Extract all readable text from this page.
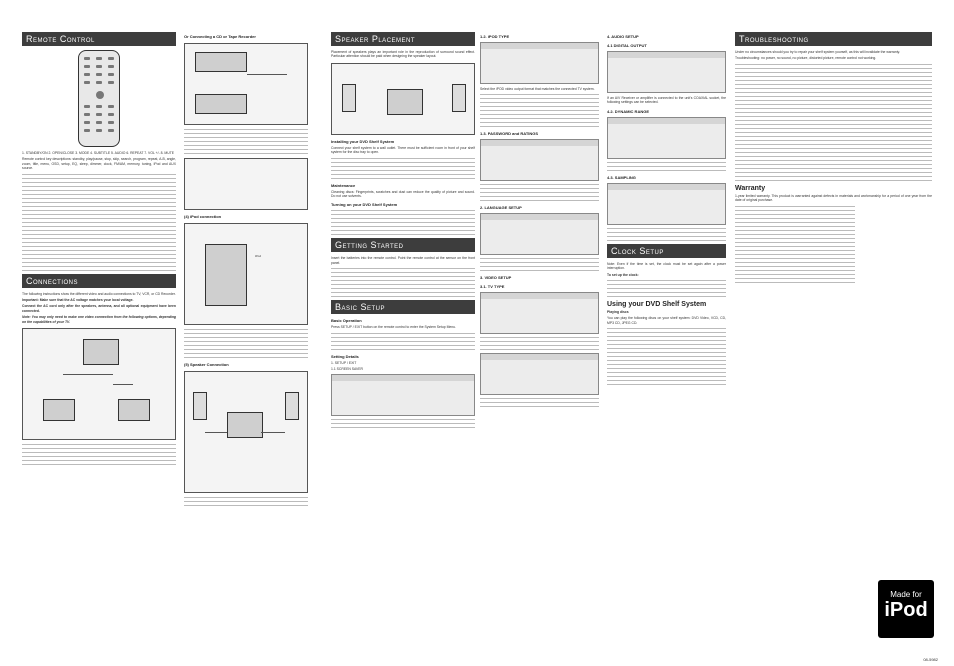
Remote Control

1. STANDBY/ON 2. OPEN/CLOSE 3. MODE 4. SUBTITLE 5. AUDIO 6. REPEAT 7. VOL +/- 8. MUTE

Remote control key descriptions: standby, play/pause, stop, skip, search, program, repeat, A-B, angle, zoom, title, menu, OSD, setup, EQ, sleep, dimmer, clock, FM/AM, memory, tuning, iPod and AUX source.

Connections

The following instructions show the different video and audio connections to TV, VCR, or CD Recorder.

Important: Make sure that the AC voltage matches your local voltage.

Connect the AC cord only after the speakers, antenna, and all optional equipment have been connected.

Note: You may only need to make one video connection from the following options, depending on the capabilities of your TV.

Or Connecting a CD or Tape Recorder
(4) iPod connection
iPod
(5) Speaker Connection
Speaker Placement

Placement of speakers plays an important role in the reproduction of surround sound effect. Particular attention should be paid when designing the speaker layout.

Installing your DVD Shelf System

Connect your shelf system to a wall outlet. There must be sufficient room in front of your shelf system for the disc tray to open.

Maintenance

Cleaning discs: Fingerprints, scratches and dust can reduce the quality of picture and sound. Do not use solvents.

Turning on your DVD Shelf System
Getting Started

Insert the batteries into the remote control. Point the remote control at the sensor on the front panel.

Basic Setup
Basic Operation

Press SETUP / EXIT button on the remote control to enter the System Setup Menu.

Setting Details

1. SETUP / EXIT

1.1 SCREEN SAVER

1.2. iPOD TYPE

Select the iPOD video output format that matches the connected TV system.

1.3. PASSWORD and RATINGS
2. LANGUAGE SETUP
3. VIDEO SETUP
3.1. TV TYPE
4. AUDIO SETUP
4.1 DIGITAL OUTPUT

If an A/V Receiver or amplifier is connected to the unit's COAXIAL socket, the following settings can be selected.

4.2. DYNAMIC RANGE
4.3. SAMPLING
Clock Setup

Note: Even if the time is set, the clock must be set again after a power interruption.

To set up the clock:

Using your DVD Shelf System

Playing discs

You can play the following discs on your shelf system: DVD Video, VCD, CD, MP3 CD, JPEG CD.

Troubleshooting

Under no circumstances should you try to repair your shelf system yourself, as this will invalidate the warranty.

Troubleshooting: no power, no sound, no picture, distorted picture, remote control not working.

Warranty

1-year limited warranty. This product is warranted against defects in materials and workmanship for a period of one year from the date of original purchase.

Made for
iPod
08-5982
